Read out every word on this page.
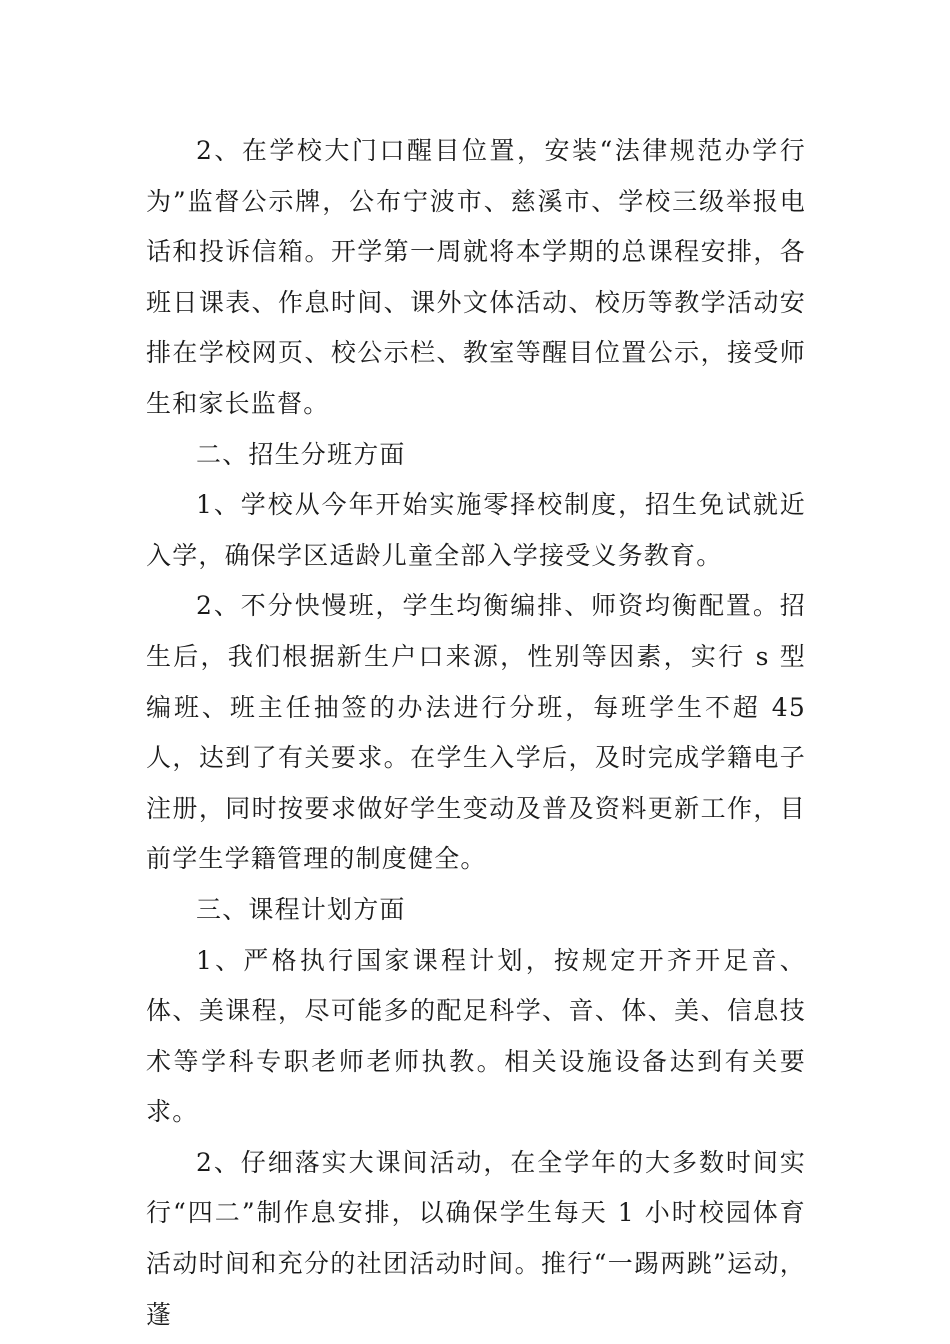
2、在学校大门口醒目位置，安装“法律规范办学行为”监督公示牌，公布宁波市、慈溪市、学校三级举报电话和投诉信箱。开学第一周就将本学期的总课程安排，各班日课表、作息时间、课外文体活动、校历等教学活动安排在学校网页、校公示栏、教室等醒目位置公示，接受师生和家长监督。

二、招生分班方面

1、学校从今年开始实施零择校制度，招生免试就近入学，确保学区适龄儿童全部入学接受义务教育。

2、不分快慢班，学生均衡编排、师资均衡配置。招生后，我们根据新生户口来源，性别等因素，实行 s 型编班、班主任抽签的办法进行分班，每班学生不超 45 人，达到了有关要求。在学生入学后，及时完成学籍电子注册，同时按要求做好学生变动及普及资料更新工作，目前学生学籍管理的制度健全。

三、课程计划方面

1、严格执行国家课程计划，按规定开齐开足音、体、美课程，尽可能多的配足科学、音、体、美、信息技术等学科专职老师老师执教。相关设施设备达到有关要求。

2、仔细落实大课间活动，在全学年的大多数时间实行“四二”制作息安排，以确保学生每天 1 小时校园体育活动时间和充分的社团活动时间。推行“一踢两跳”运动，蓬
